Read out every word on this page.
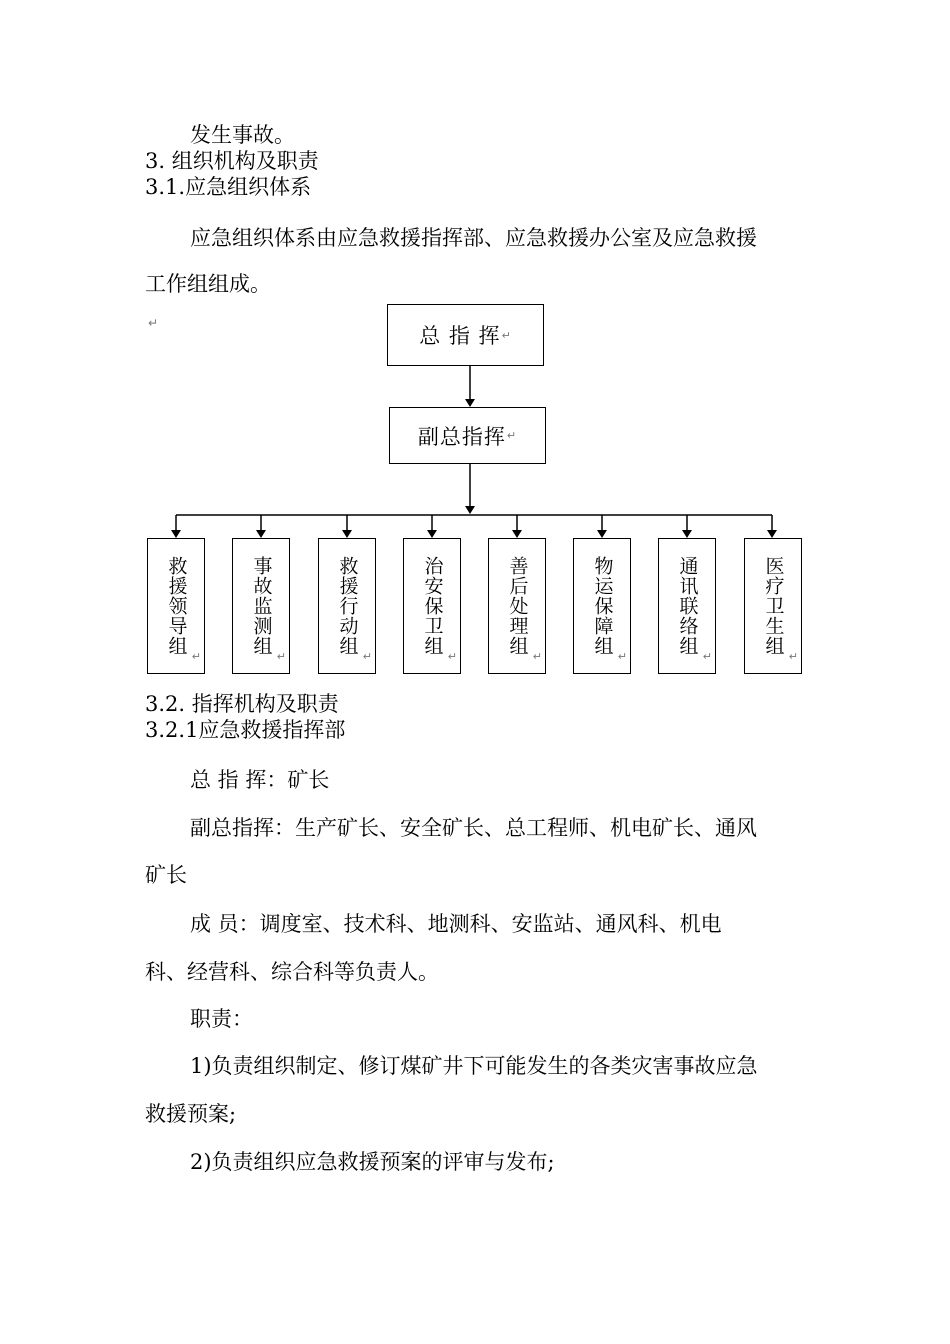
发生事故。
3. 组织机构及职责
3.1.应急组织体系
应急组织体系由应急救援指挥部、应急救援办公室及应急救援
工作组组成。
↵
总 指 挥 ↵
副总指挥 ↵
救援领导组
↵
事故监测组
↵
救援行动组
↵
治安保卫组
↵
善后处理组
↵
物运保障组
↵
通讯联络组
↵
医疗卫生组
↵
3.2. 指挥机构及职责
3.2.1应急救援指挥部
总 指 挥：矿长
副总指挥：生产矿长、安全矿长、总工程师、机电矿长、通风
矿长
成 员：调度室、技术科、地测科、安监站、通风科、机电
科、经营科、综合科等负责人。
职责：
1)负责组织制定、修订煤矿井下可能发生的各类灾害事故应急
救援预案;
2)负责组织应急救援预案的评审与发布;
